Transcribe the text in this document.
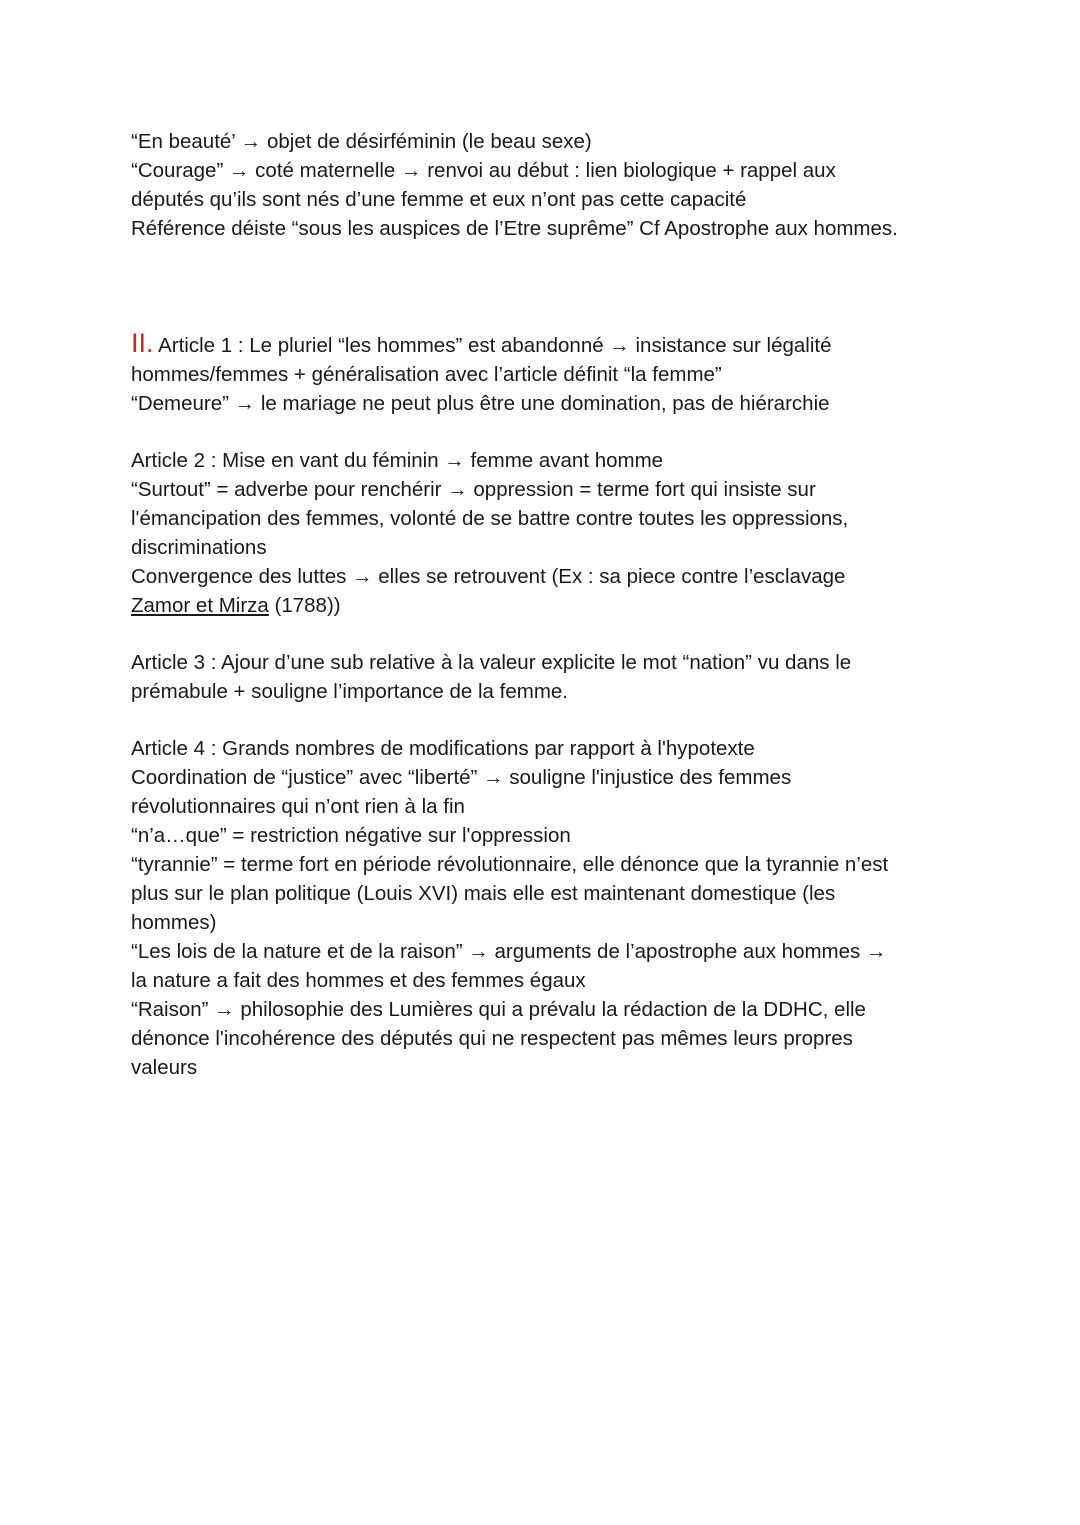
“En beauté’ → objet de désirféminin (le beau sexe)
“Courage” → coté maternelle → renvoi au début : lien biologique + rappel aux
députés qu’ils sont nés d’une femme et eux n’ont pas cette capacité
Référence déiste “sous les auspices de l’Etre suprême” Cf Apostrophe aux hommes.
II. Article 1 : Le pluriel “les hommes” est abandonné → insistance sur légalité
hommes/femmes + généralisation avec l’article définit “la femme”
“Demeure” → le mariage ne peut plus être une domination, pas de hiérarchie
Article 2 : Mise en vant du féminin → femme avant homme
“Surtout” = adverbe pour renchérir → oppression = terme fort qui insiste sur
l'émancipation des femmes, volonté de se battre contre toutes les oppressions,
discriminations
Convergence des luttes → elles se retrouvent (Ex : sa piece contre l’esclavage
Zamor et Mirza (1788))
Article 3 : Ajour d’une sub relative à la valeur explicite le mot “nation” vu dans le
prémabule + souligne l’importance de la femme.
Article 4 : Grands nombres de modifications par rapport à l'hypotexte
Coordination de “justice” avec “liberté” → souligne l'injustice des femmes
révolutionnaires qui n’ont rien à la fin
“n’a…que” = restriction négative sur l'oppression
“tyrannie” = terme fort en période révolutionnaire, elle dénonce que la tyrannie n’est
plus sur le plan politique (Louis XVI) mais elle est maintenant domestique (les
hommes)
“Les lois de la nature et de la raison” → arguments de l’apostrophe aux hommes →
la nature a fait des hommes et des femmes égaux
“Raison” → philosophie des Lumières qui a prévalu la rédaction de la DDHC, elle
dénonce l'incohérence des députés qui ne respectent pas mêmes leurs propres
valeurs
